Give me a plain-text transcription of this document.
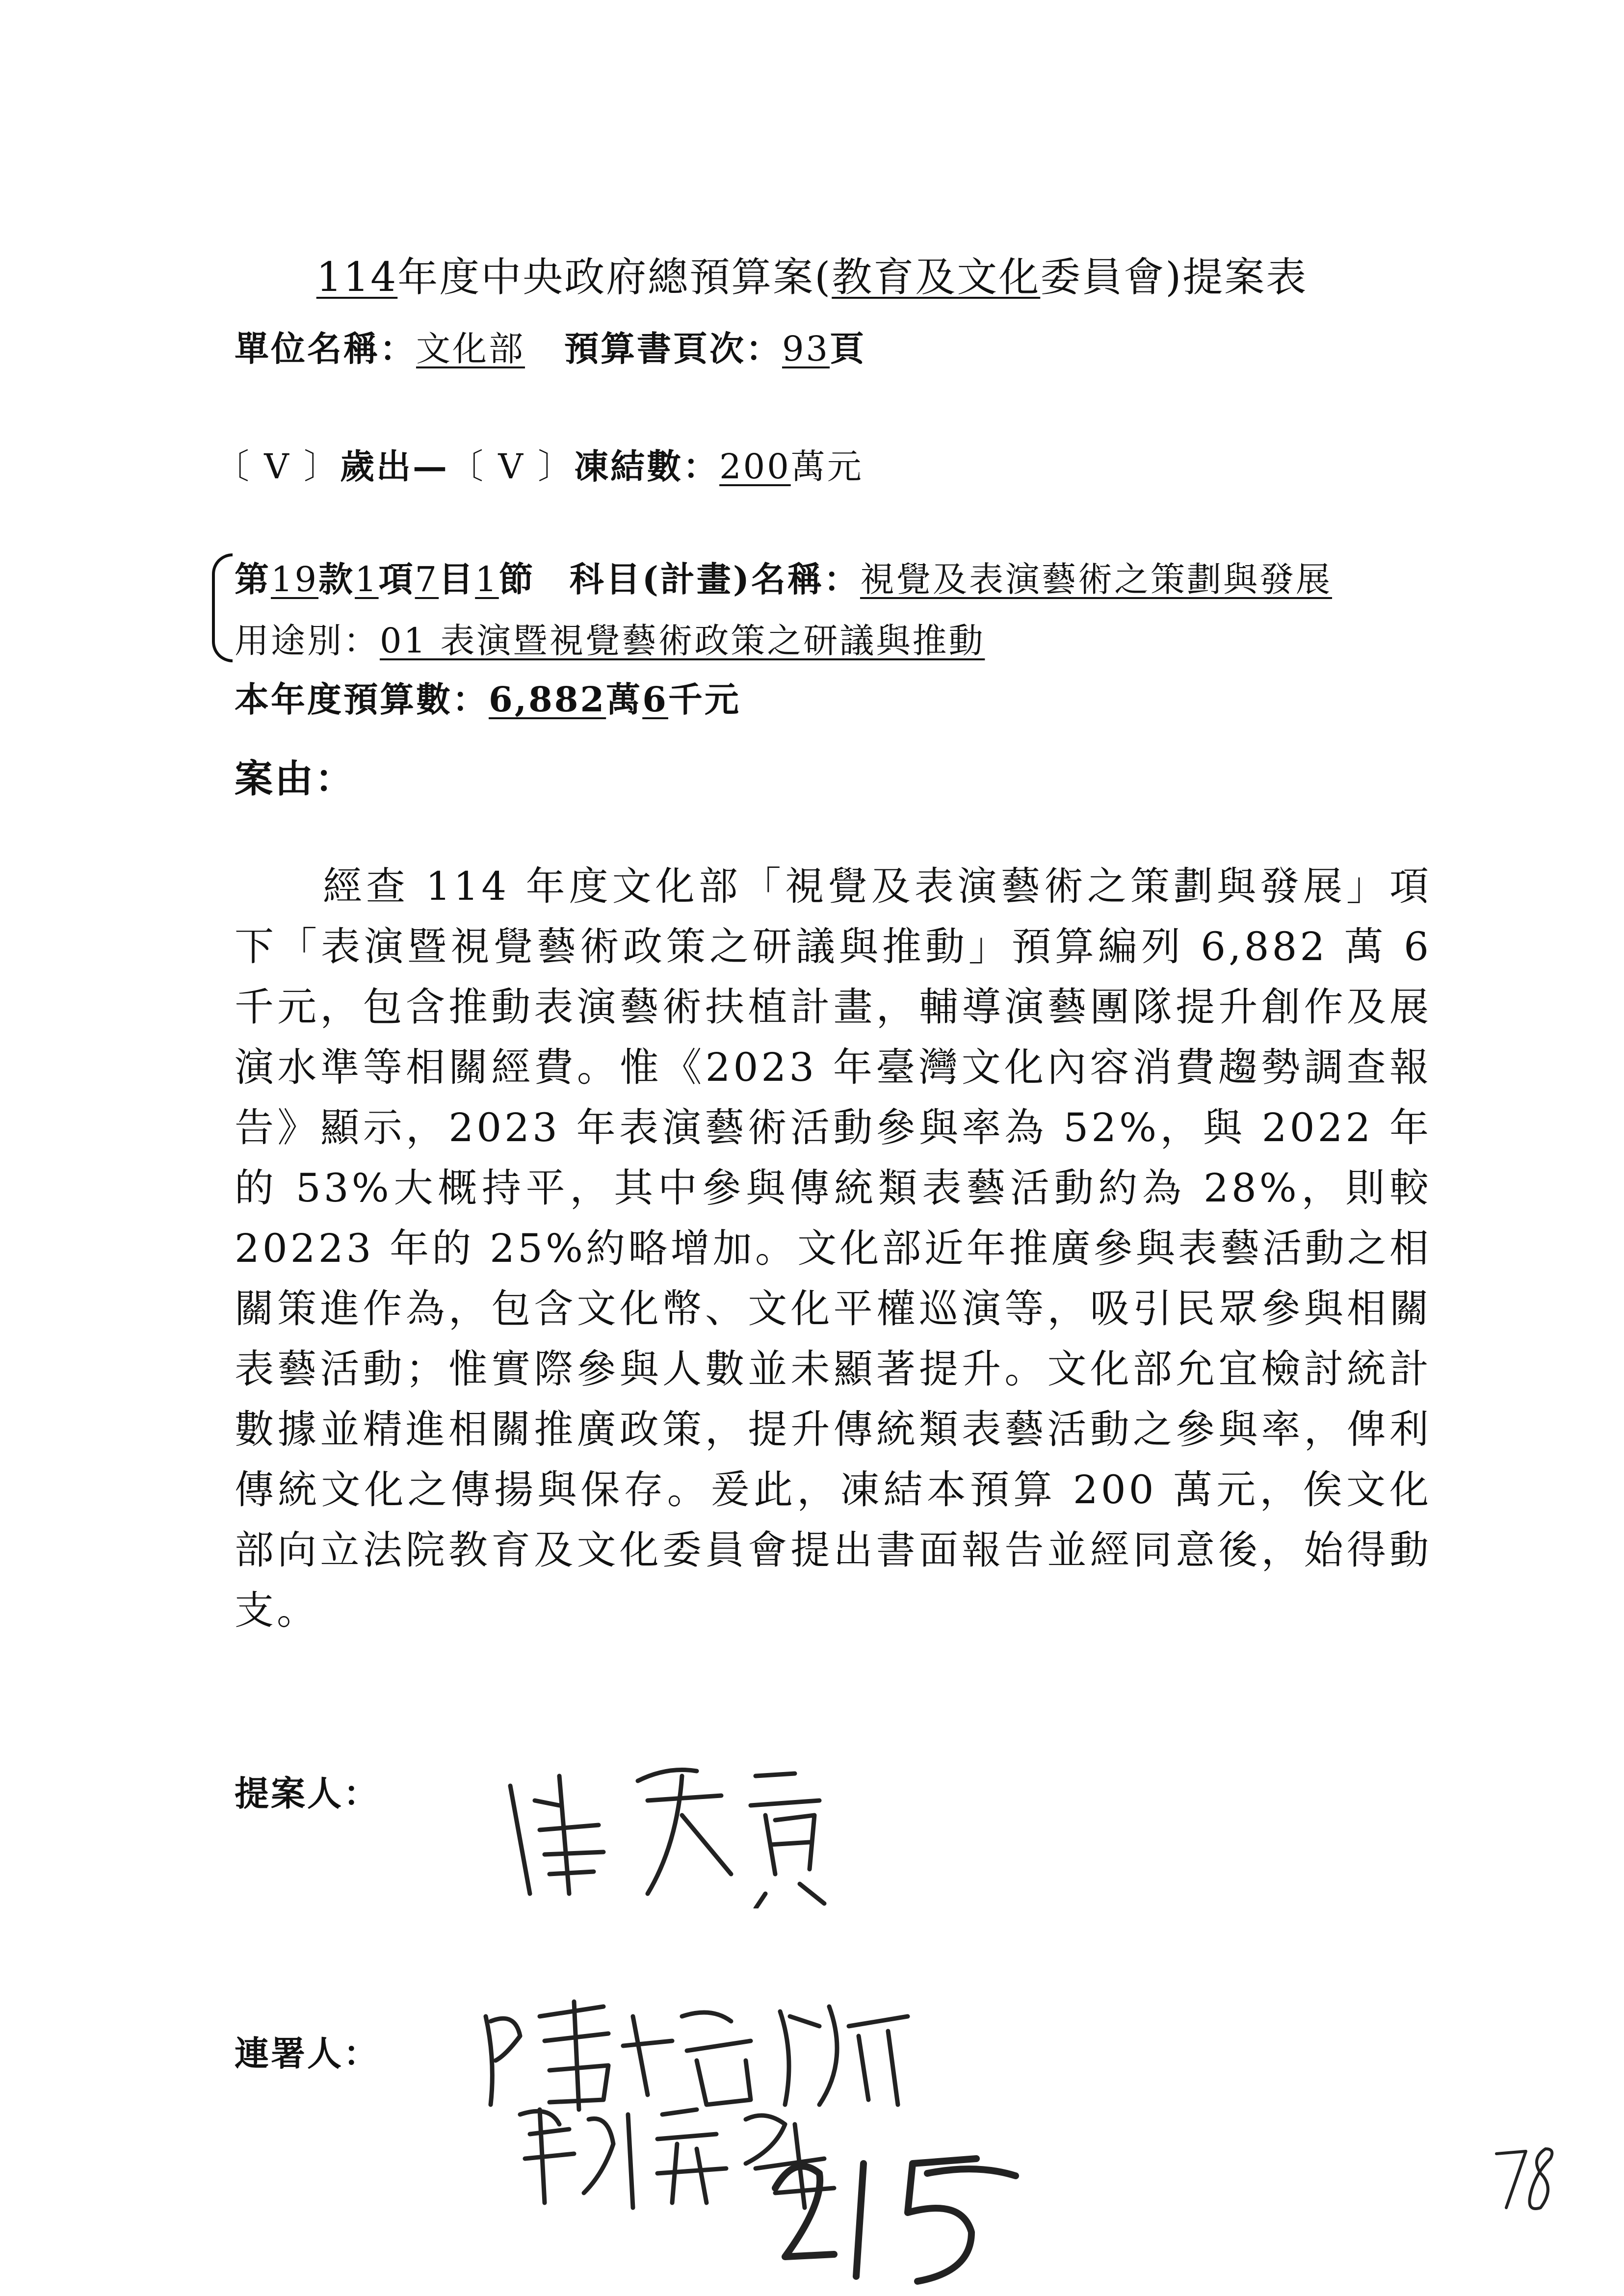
114年度中央政府總預算案(教育及文化委員會)提案表
單位名稱：文化部 預算書頁次：93頁
〔 V 〕歲出—〔 V 〕凍結數：200萬元
第19款1項7目1節 科目(計畫)名稱：視覺及表演藝術之策劃與發展
用途別：01 表演暨視覺藝術政策之研議與推動
本年度預算數：6,882萬6千元
案由：
經查 114 年度文化部「視覺及表演藝術之策劃與發展」項下「表演暨視覺藝術政策之研議與推動」預算編列 6,882 萬 6 千元，包含推動表演藝術扶植計畫，輔導演藝團隊提升創作及展演水準等相關經費。惟《2023 年臺灣文化內容消費趨勢調查報告》顯示，2023 年表演藝術活動參與率為 52%，與 2022 年的 53%大概持平，其中參與傳統類表藝活動約為 28%，則較 20223 年的 25%約略增加。文化部近年推廣參與表藝活動之相關策進作為，包含文化幣、文化平權巡演等，吸引民眾參與相關表藝活動；惟實際參與人數並未顯著提升。文化部允宜檢討統計數據並精進相關推廣政策，提升傳統類表藝活動之參與率，俾利傳統文化之傳揚與保存。爰此，凍結本預算 200 萬元，俟文化部向立法院教育及文化委員會提出書面報告並經同意後，始得動支。
提案人：
連署人：
